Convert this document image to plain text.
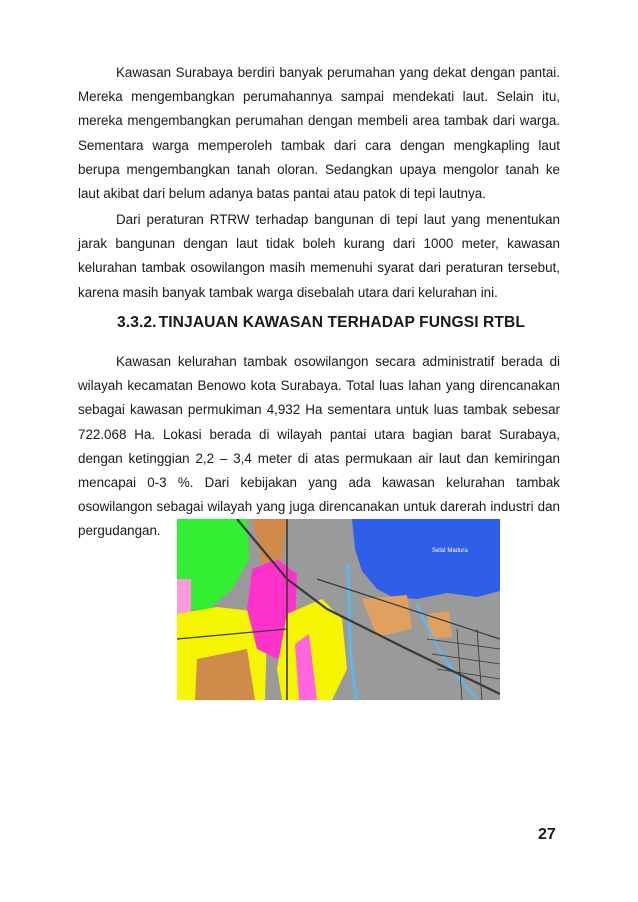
Kawasan Surabaya berdiri banyak perumahan yang dekat dengan pantai. Mereka mengembangkan perumahannya sampai mendekati laut. Selain itu, mereka mengembangkan perumahan dengan membeli area tambak dari warga. Sementara warga memperoleh tambak dari cara dengan mengkapling laut berupa mengembangkan tanah oloran. Sedangkan upaya mengolor tanah ke laut akibat dari belum adanya batas pantai atau patok di tepi lautnya.

Dari peraturan RTRW terhadap bangunan di tepi laut yang menentukan jarak bangunan dengan laut tidak boleh kurang dari 1000 meter, kawasan kelurahan tambak osowilangon masih memenuhi syarat dari peraturan tersebut, karena masih banyak tambak warga disebalah utara dari kelurahan ini.

3.3.2. TINJAUAN KAWASAN TERHADAP FUNGSI RTBL

Kawasan kelurahan tambak osowilangon secara administratif berada di wilayah kecamatan Benowo kota Surabaya. Total luas lahan yang direncanakan sebagai kawasan permukiman 4,932 Ha sementara untuk luas tambak sebesar 722.068 Ha. Lokasi berada di wilayah pantai utara bagian barat Surabaya, dengan ketinggian 2,2 – 3,4 meter di atas permukaan air laut dan kemiringan mencapai 0-3 %. Dari kebijakan yang ada kawasan kelurahan tambak osowilangon sebagai wilayah yang juga direncanakan untuk darerah industri dan pergudangan.

Selat Madura

27
